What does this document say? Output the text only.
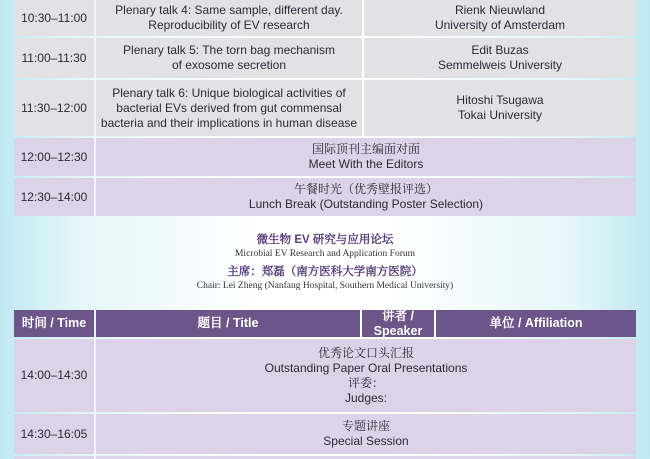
10:30–11:00
Plenary talk 4: Same sample, different day.
Reproducibility of EV research
Rienk Nieuwland
University of Amsterdam
11:00–11:30
Plenary talk 5: The torn bag mechanism
of exosome secretion
Edit Buzas
Semmelweis University
11:30–12:00
Plenary talk 6: Unique biological activities of
bacterial EVs derived from gut commensal
bacteria and their implications in human disease
Hitoshi Tsugawa
Tokai University
12:00–12:30
国际顶刊主编面对面
Meet With the Editors
12:30–14:00
午餐时光（优秀壁报评选）
Lunch Break (Outstanding Poster Selection)
微生物 EV 研究与应用论坛
Microbial EV Research and Application Forum
主席：郑磊（南方医科大学南方医院）
Chair: Lei Zheng (Nanfang Hospital, Southern Medical University)
时间 / Time	题目 / Title
讲者 / Speaker
单位 / Affiliation
14:00–14:30
优秀论文口头汇报
Outstanding Paper Oral Presentations
评委：
Judges:
14:30–16:05
专题讲座
Special Session
